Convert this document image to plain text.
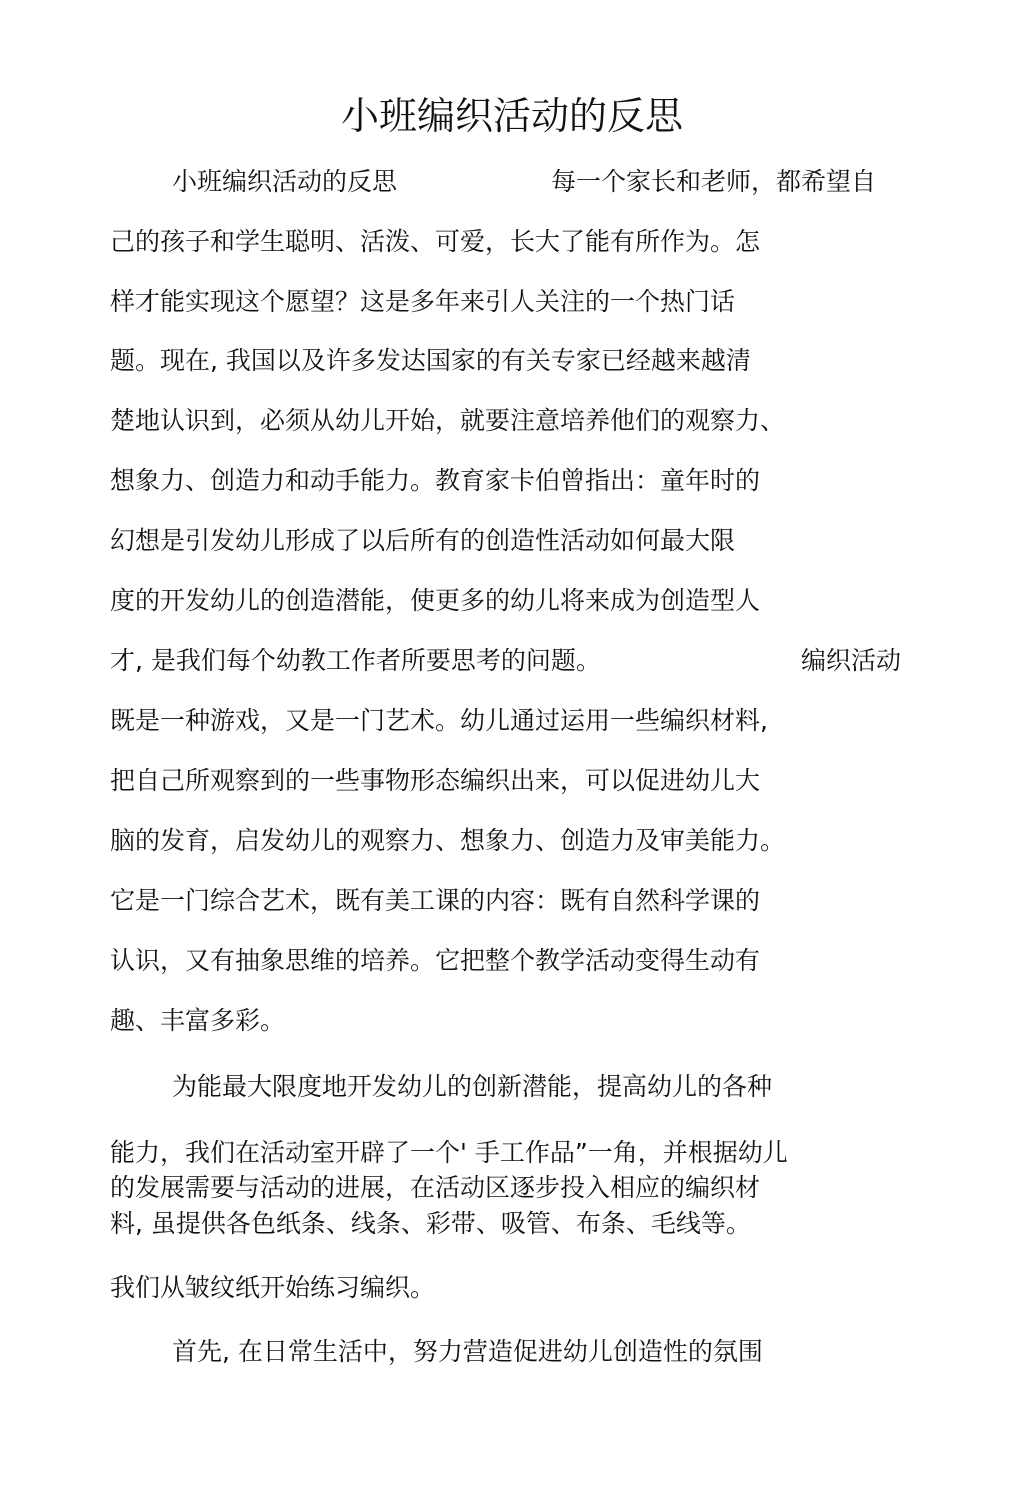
小班编织活动的反思

小班编织活动的反思	每一个家长和老师，都希望自

己的孩子和学生聪明、活泼、可爱，长大了能有所作为。怎

样才能实现这个愿望？这是多年来引人关注的一个热门话

题。现在, 我国以及许多发达国家的有关专家已经越来越清

楚地认识到，必须从幼儿开始，就要注意培养他们的观察力、

想象力、创造力和动手能力。教育家卡伯曾指出：童年时的

幻想是引发幼儿形成了以后所有的创造性活动如何最大限

度的开发幼儿的创造潜能，使更多的幼儿将来成为创造型人

才, 是我们每个幼教工作者所要思考的问题。	编织活动

既是一种游戏，又是一门艺术。幼儿通过运用一些编织材料,

把自己所观察到的一些事物形态编织出来，可以促进幼儿大

脑的发育，启发幼儿的观察力、想象力、创造力及审美能力。

它是一门综合艺术，既有美工课的内容：既有自然科学课的

认识，又有抽象思维的培养。它把整个教学活动变得生动有

趣、丰富多彩。

为能最大限度地开发幼儿的创新潜能，提高幼儿的各种

能力，我们在活动室开辟了一个' 手工作品”一角，并根据幼儿

的发展需要与活动的进展，在活动区逐步投入相应的编织材

料, 虽提供各色纸条、线条、彩带、吸管、布条、毛线等。

我们从皱纹纸开始练习编织。

首先, 在日常生活中，努力营造促进幼儿创造性的氛围
